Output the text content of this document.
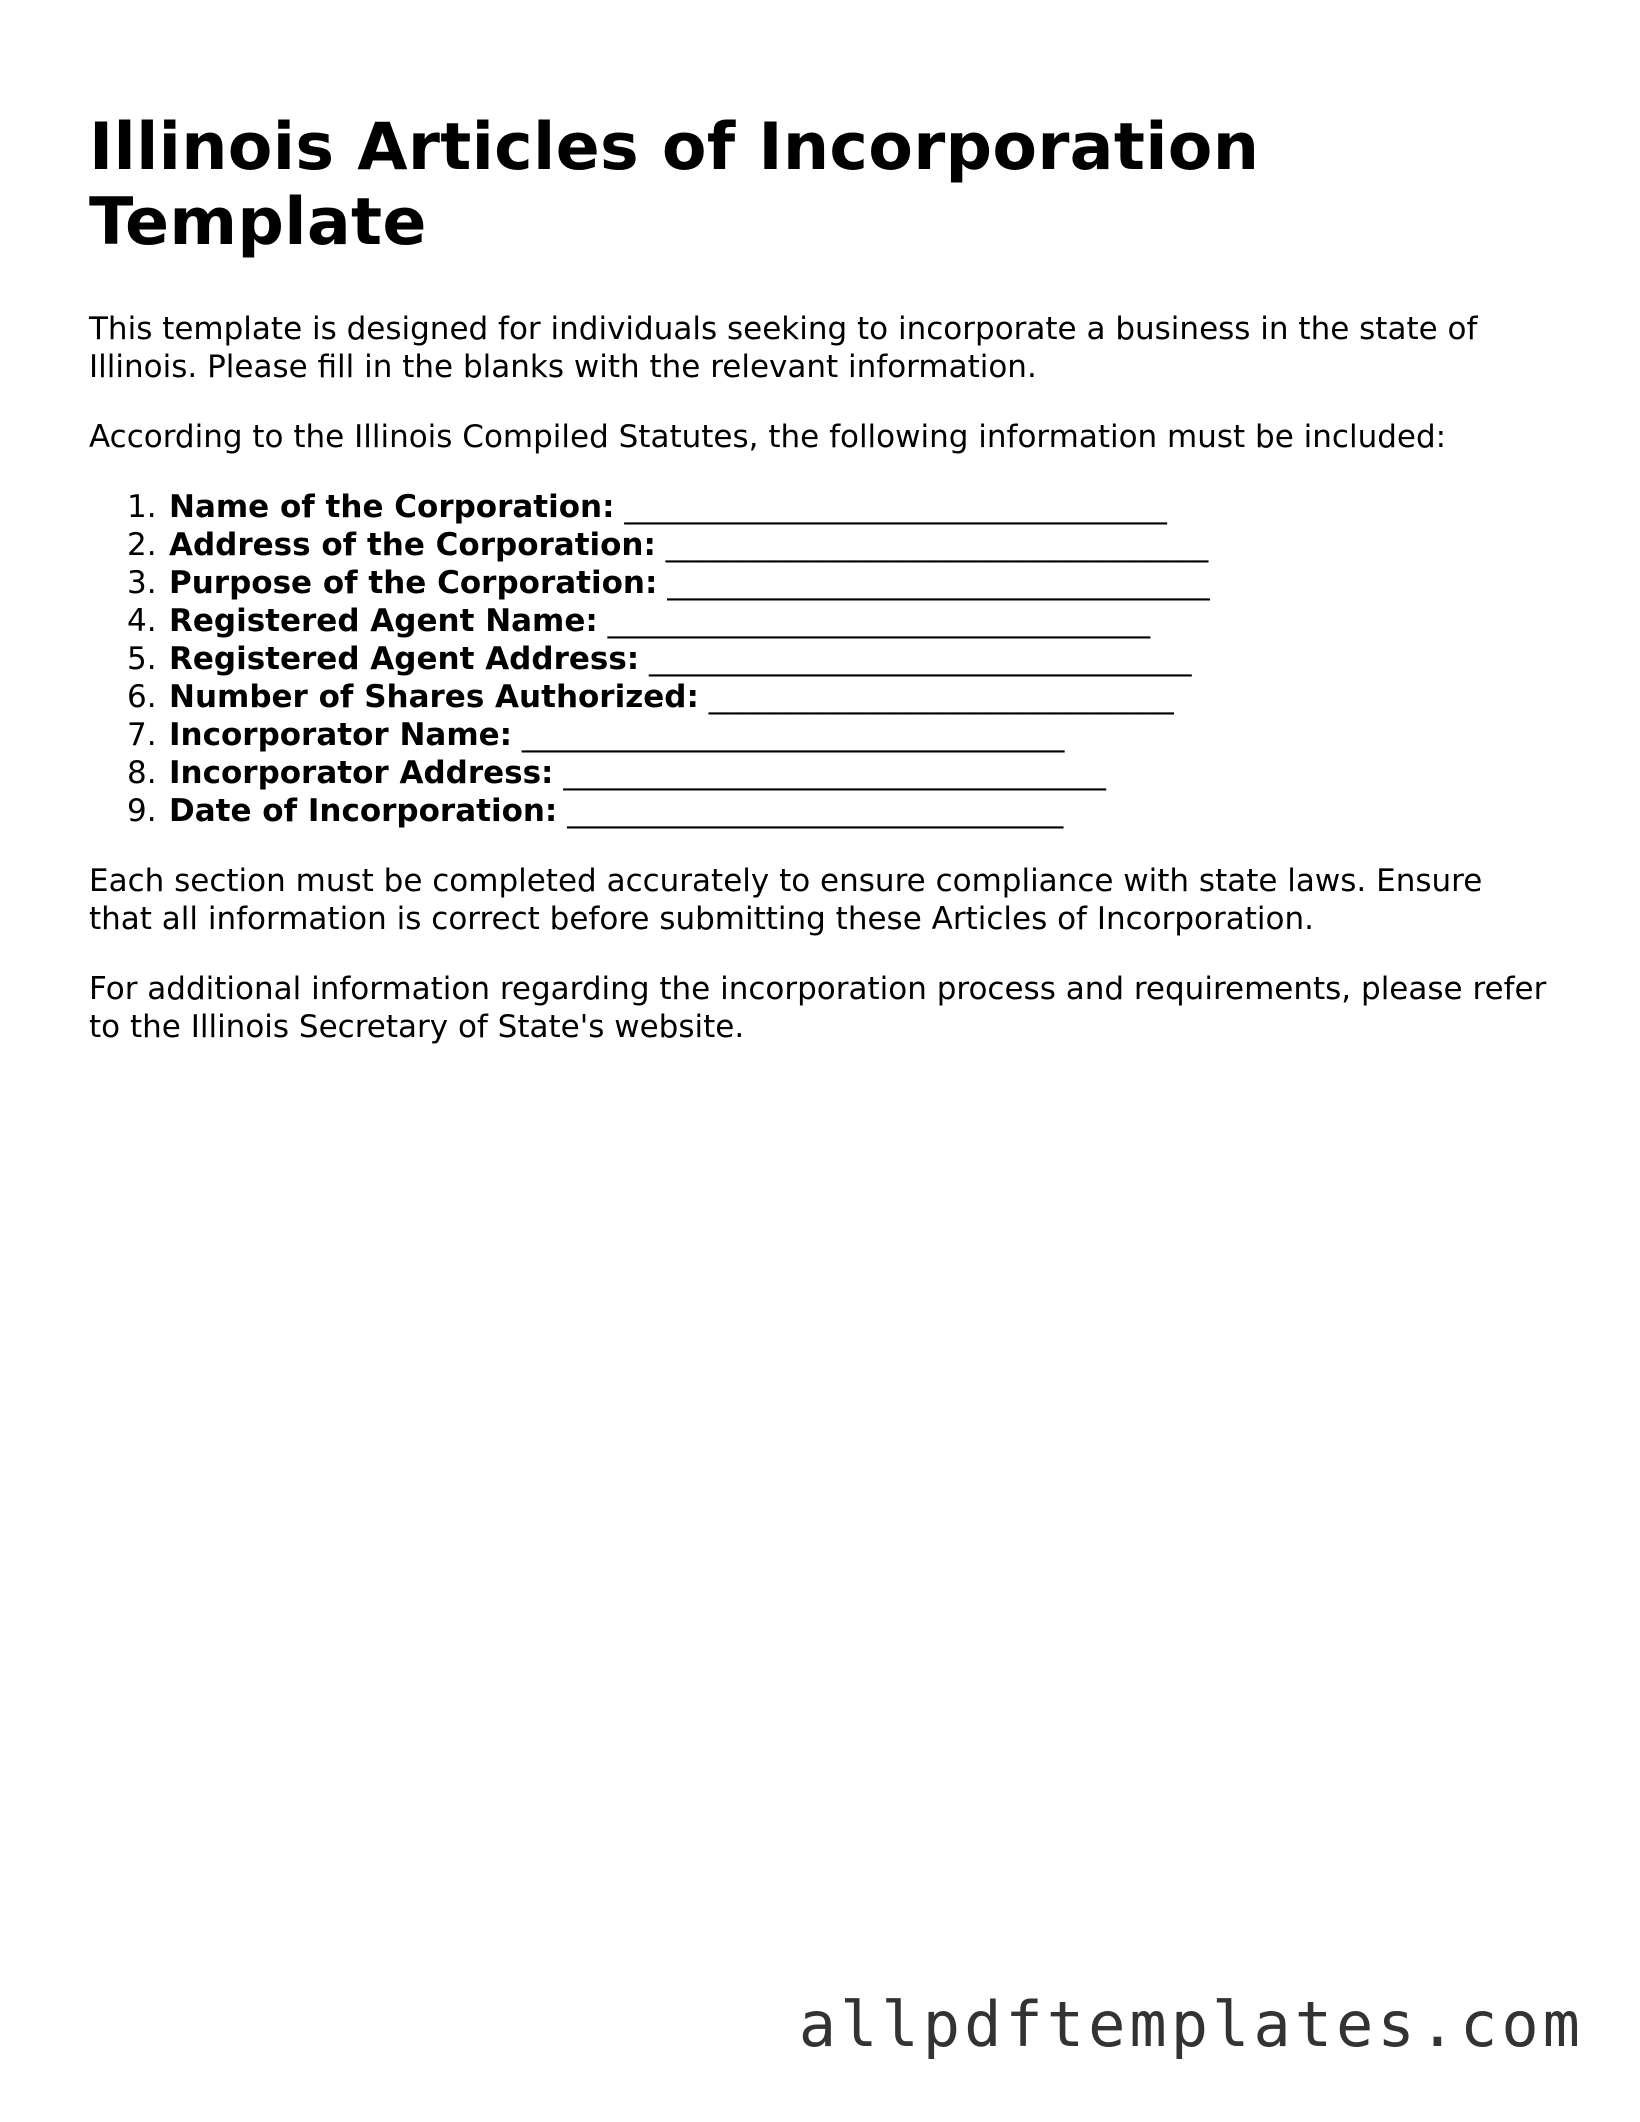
Illinois Articles of Incorporation Template

This template is designed for individuals seeking to incorporate a business in the state of Illinois. Please fill in the blanks with the relevant information.

According to the Illinois Compiled Statutes, the following information must be included:

1. Name of the Corporation: ___________________________________
2. Address of the Corporation: ___________________________________
3. Purpose of the Corporation: ___________________________________
4. Registered Agent Name: ___________________________________
5. Registered Agent Address: ___________________________________
6. Number of Shares Authorized: ______________________________
7. Incorporator Name: ___________________________________
8. Incorporator Address: ___________________________________
9. Date of Incorporation: ________________________________

Each section must be completed accurately to ensure compliance with state laws. Ensure that all information is correct before submitting these Articles of Incorporation.

For additional information regarding the incorporation process and requirements, please refer to the Illinois Secretary of State's website.

allpdftemplates.com
